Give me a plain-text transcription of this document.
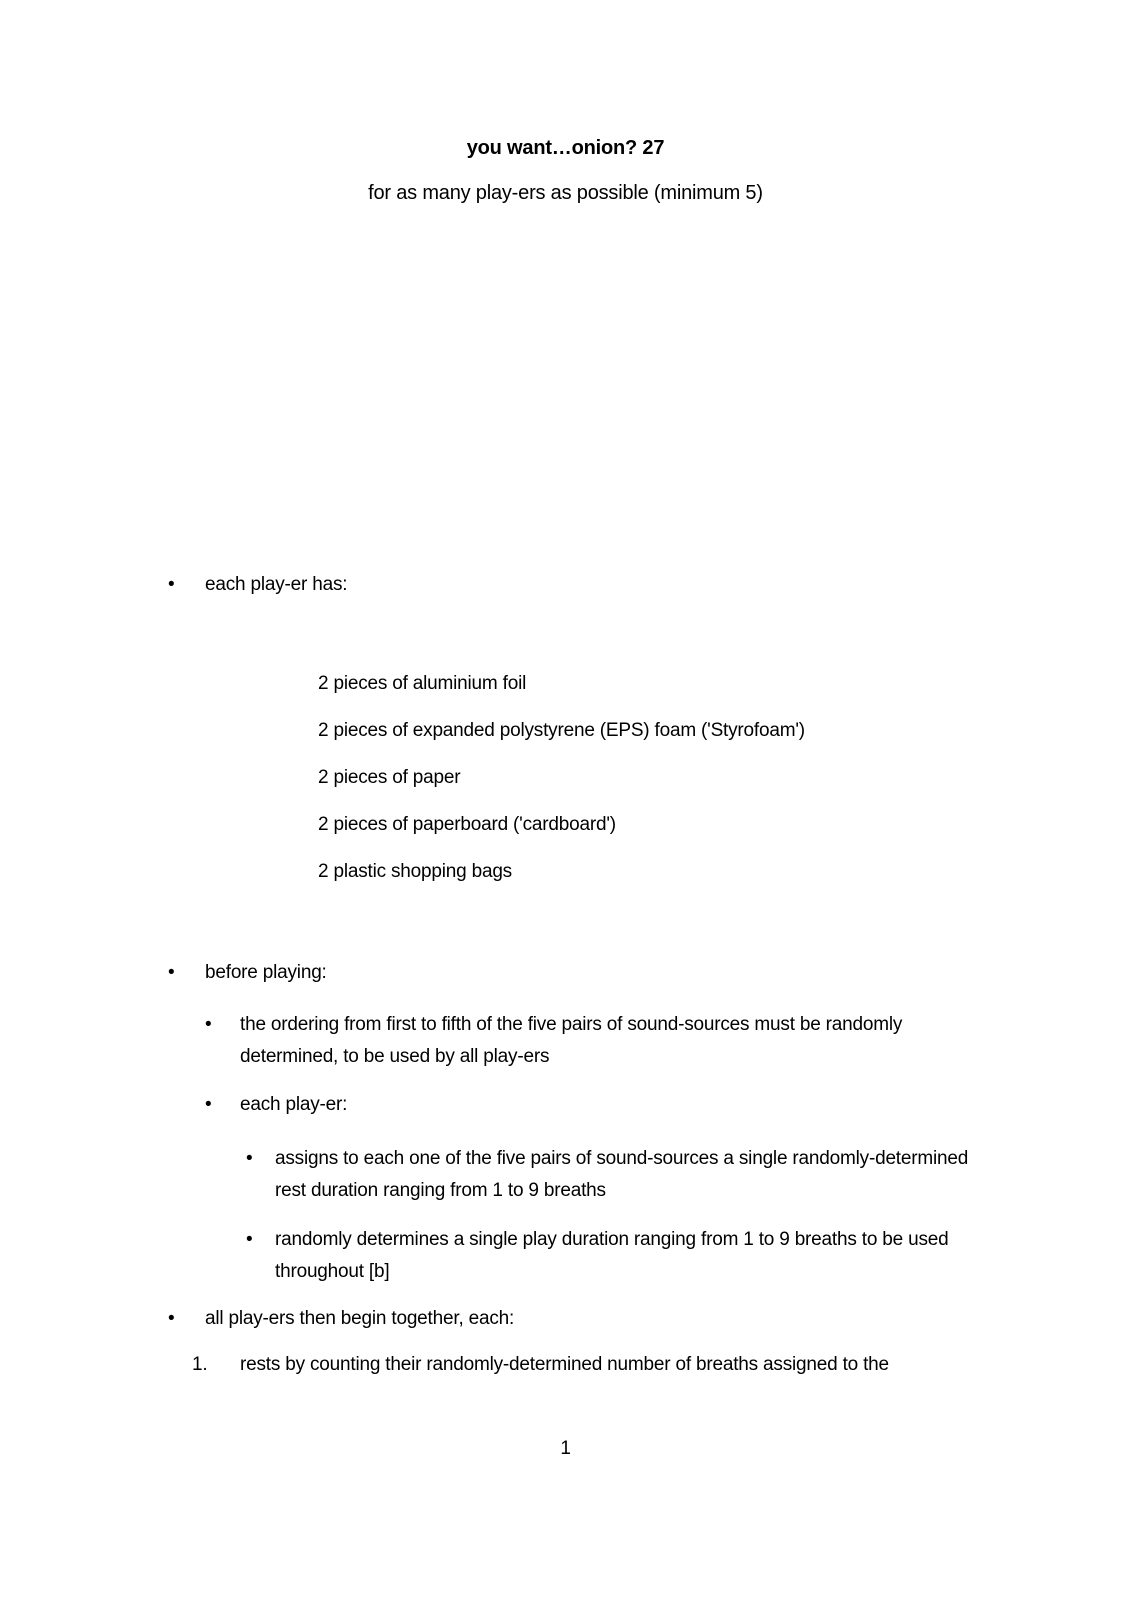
you want…onion? 27
for as many play-ers as possible (minimum 5)
•	each play-er has:
2 pieces of aluminium foil
2 pieces of expanded polystyrene (EPS) foam ('Styrofoam')
2 pieces of paper
2 pieces of paperboard ('cardboard')
2 plastic shopping bags
•	before playing:
•	the ordering from first to fifth of the five pairs of sound-sources must be randomly
determined, to be used by all play-ers
•	each play-er:
•	assigns to each one of the five pairs of sound-sources a single randomly-determined
rest duration ranging from 1 to 9 breaths
•	randomly determines a single play duration ranging from 1 to 9 breaths to be used
throughout [b]
•	all play-ers then begin together, each:
1.	rests by counting their randomly-determined number of breaths assigned to the
1
